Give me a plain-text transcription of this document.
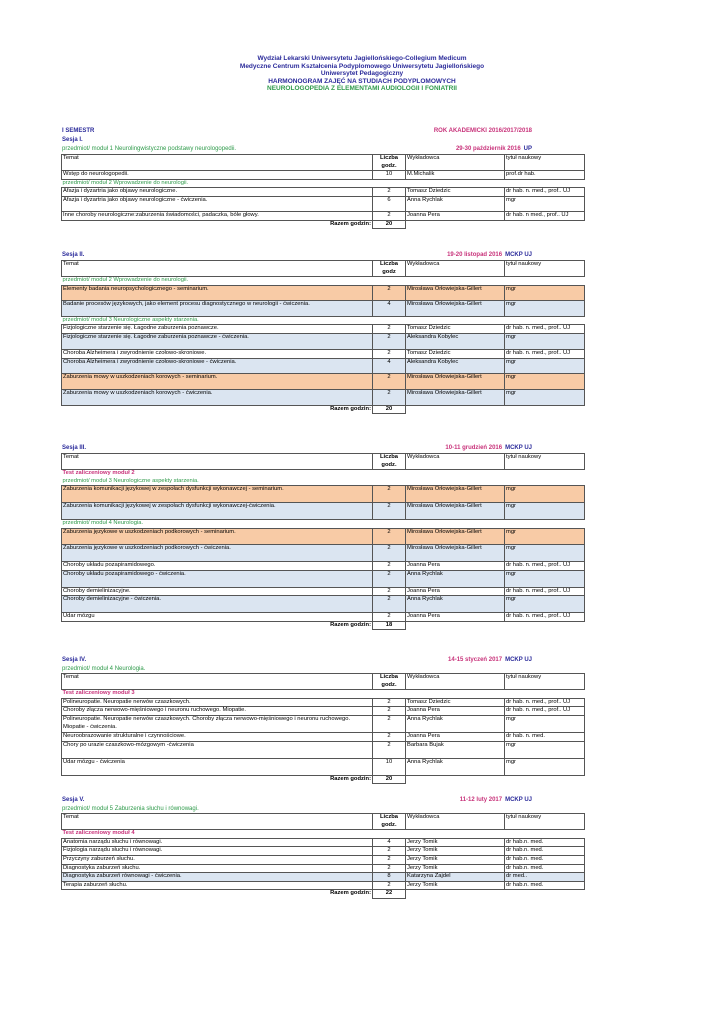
Wydział Lekarski Uniwersytetu Jagiellońskiego-Collegium Medicum
Medyczne Centrum Kształcenia Podyplomowego Uniwersytetu Jagiellońskiego
Uniwersytet Pedagogiczny
HARMONOGRAM ZAJĘĆ NA STUDIACH PODYPLOMOWYCH
NEUROLOGOPEDIA Z ELEMENTAMI AUDIOLOGII I FONIATRII
I SEMESTR	ROK AKADEMICKI 2016/2017/2018
Sesja I.
przedmiot/ moduł 1 Neurolingwistyczne podstawy neurologopedii.	29-30 październik 2016 UP
Temat	Liczba godz.	Wykładowca	tytuł naukowy
Wstęp do neurologopedii.	10	M.Michalik	prof.dr hab.
przedmiot/ moduł 2 Wprowadzenie do neurologii.			
Afazja i dyzartria jako objawy neurologiczne.	2	Tomasz Dziedzic	dr hab. n. med., prof.. UJ
Afazja i dyzartria jako objawy neurologiczne - ćwiczenia.	6	Anna Rychlak	mgr
Inne choroby neurologiczne:zaburzenia świadomości, padaczka, bóle głowy.	2	Joanna Pera	dr hab. n med., prof.. UJ
Razem godzin:	20		
Sesja II.	19-20 listopad 2016 MCKP UJ
Temat	Liczba godz	Wykładowca	tytuł naukowy
przedmiot/ moduł 2 Wprowadzenie do neurologii.			
Elementy badania neuropsychologicznego - seminarium.	2	Mirosława Orłowiejska-Gillert	mgr
Badanie procesów językowych, jako element procesu diagnostycznego w neurologii - ćwiczenia.	4	Mirosława Orłowiejska-Gillert	mgr
przedmiot/ moduł 3 Neurologiczne aspekty starzenia.			
Fizjologiczne starzenie się. Łagodne zaburzenia poznawcze.	2	Tomasz Dziedzic	dr hab. n. med., prof.. UJ
Fizjologiczne starzenie się. Łagodne zaburzenia poznawcze - ćwiczenia.	2	Aleksandra Kobylec	mgr
Choroba Alzheimera i zwyrodnienie czołowo-skroniowe.	2	Tomasz Dziedzic	dr hab. n. med., prof.. UJ
Choroba Alzheimera i zwyrodnienie czołowo-skroniowe - ćwiczenia.	4	Aleksandra Kobylec	mgr
Zaburzenia mowy w uszkodzeniach korowych - seminarium.	2	Mirosława Orłowiejska-Gillert	mgr
Zaburzenia mowy w uszkodzeniach korowych - ćwiczenia.	2	Mirosława Orłowiejska-Gillert	mgr
Razem godzin:	20		
Sesja III.	10-11 grudzień 2016 MCKP UJ
Temat	Liczba godz.	Wykładowca	tytuł naukowy
Test zaliczeniowy moduł 2			
przedmiot/ moduł 3 Neurologiczne aspekty starzenia.			
Zaburzenia komunikacji językowej w zespołach dysfunkcji wykonawczej - seminarium.	2	Mirosława Orłowiejska-Gillert	mgr
Zaburzenia komunikacji językowej w zespołach dysfunkcji wykonawczej-ćwiczenia.	2	Mirosława Orłowiejska-Gillert	mgr
przedmiot/ moduł 4 Neurologia.			
Zaburzenia językowe w uszkodzeniach podkorowych - seminarium.	2	Mirosława Orłowiejska-Gillert	mgr
Zaburzenia językowe w uszkodzeniach podkorowych - ćwiczenia.	2	Mirosława Orłowiejska-Gillert	mgr
Choroby układu pozapiramidowego.	2	Joanna Pera	dr hab. n. med., prof.. UJ
Choroby układu pozapiramidowego - ćwiczenia.	2	Anna Rychlak	mgr
Choroby demielinizacyjne.	2	Joanna Pera	dr hab. n. med., prof.. UJ
Choroby demielinizacyjne - ćwiczenia.	2	Anna Rychlak	mgr
Udar mózgu	2	Joanna Pera	dr hab. n. med., prof.. UJ
Razem godzin:	18		
Sesja IV.	14-15 styczeń 2017 MCKP UJ
przedmiot/ moduł 4 Neurologia.
Temat	Liczba godz.	Wykładowca	tytuł naukowy
Test zaliczeniowy moduł 3			
Polineuropatie. Neuropatie nerwów czaszkowych.	2	Tomasz Dziedzic	dr hab. n. med., prof.. UJ
Choroby złącza nerwowo-mięśniowego i neuronu ruchowego. Miopatie.	2	Joanna Pera	dr hab. n. med., prof.. UJ
Polineuropatie. Neuropatie nerwów czaszkowych. Choroby złącza nerwowo-mięśniowego i neuronu ruchowego. Miopatie - ćwiczenia.	2	Anna Rychlak	mgr
Neuroobrazowanie strukturalne i czynnościowe.	2	Joanna Pera	dr hab. n. med.
Chory po urazie czaszkowo-mózgowym -ćwiczenia	2	Barbara Bujak	mgr
Udar mózgu - ćwiczenia	10	Anna Rychlak	mgr
Razem godzin:	20		
Sesja V.	11-12 luty 2017 MCKP UJ
przedmiot/ moduł 5 Zaburzenia słuchu i równowagi.
Temat	Liczba godz.	Wykładowca	tytuł naukowy
Test zaliczeniowy moduł 4			
Anatomia narządu słuchu i równowagi.	4	Jerzy Tomik	dr hab.n. med.
Fizjologia narządu słuchu i równowagi.	2	Jerzy Tomik	dr hab.n. med.
Przyczyny zaburzeń słuchu.	2	Jerzy Tomik	dr hab.n. med.
Diagnostyka zaburzeń słuchu.	2	Jerzy Tomik	dr hab.n. med.
Diagnostyka zaburzeń równowagi - ćwiczenia.	8	Katarzyna Zajdel	dr med..
Terapia zaburzeń słuchu.	2	Jerzy Tomik	dr hab.n. med.
Razem godzin:	22		
